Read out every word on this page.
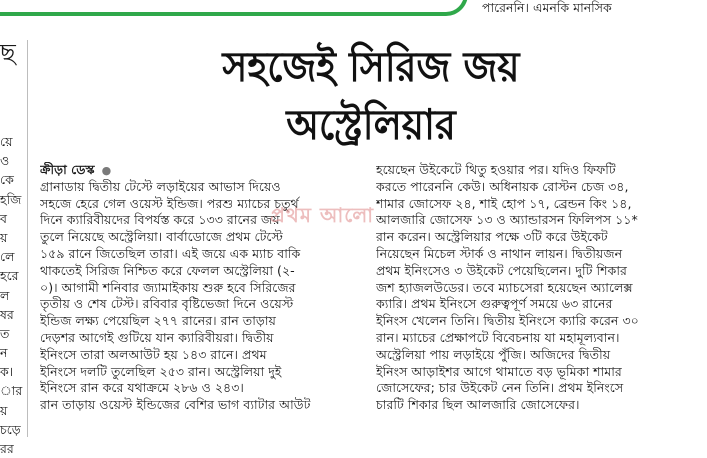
পারেননি। এমনকি মানসিক
ছ
য়ে
ও
কে
হজি
ব
য়
লে
হরে
ল
ষর
ত
ন
ক।
ার
য়
চড়ে
রর
সহজেই সিরিজ জয়
অস্ট্রেলিয়ার
ক্রীড়া ডেস্ক ●
গ্রানাডায় দ্বিতীয় টেস্টে লড়াইয়ের আভাস দিয়েও
সহজে হেরে গেল ওয়েস্ট ইন্ডিজ। পরশু ম্যাচের চতুর্থ
দিনে ক্যারিবীয়দের বিপর্যস্ত করে ১৩৩ রানের জয়
তুলে নিয়েছে অস্ট্রেলিয়া। বার্বাডোজে প্রথম টেস্টে
১৫৯ রানে জিতেছিল তারা। এই জয়ে এক ম্যাচ বাকি
থাকতেই সিরিজ নিশ্চিত করে ফেলল অস্ট্রেলিয়া (২-
০)। আগামী শনিবার জ্যামাইকায় শুরু হবে সিরিজের
তৃতীয় ও শেষ টেস্ট। রবিবার বৃষ্টিভেজা দিনে ওয়েস্ট
ইন্ডিজ লক্ষ্য পেয়েছিল ২৭৭ রানের। রান তাড়ায়
দেড়শর আগেই গুটিয়ে যান ক্যারিবীয়রা। দ্বিতীয়
ইনিংসে তারা অলআউট হয় ১৪৩ রানে। প্রথম
ইনিংসে দলটি তুলেছিল ২৫৩ রান। অস্ট্রেলিয়া দুই
ইনিংসে রান করে যথাক্রমে ২৮৬ ও ২৪৩।
রান তাড়ায় ওয়েস্ট ইন্ডিজের বেশির ভাগ ব্যাটার আউট
হয়েছেন উইকেটে থিতু হওয়ার পর। যদিও ফিফটি
করতে পারেননি কেউ। অধিনায়ক রোস্টন চেজ ৩৪,
শামার জোসেফ ২৪, শাই হোপ ১৭, ব্রেন্ডন কিং ১৪,
আলজারি জোসেফ ১৩ ও অ্যান্ডারসন ফিলিপস ১১*
রান করেন। অস্ট্রেলিয়ার পক্ষে ৩টি করে উইকেট
নিয়েছেন মিচেল স্টার্ক ও নাথান লায়ন। দ্বিতীয়জন
প্রথম ইনিংসেও ৩ উইকেট পেয়েছিলেন। দুটি শিকার
জশ হ্যাজলউডের। তবে ম্যাচসেরা হয়েছেন অ্যালেক্স
ক্যারি। প্রথম ইনিংসে গুরুত্বপূর্ণ সময়ে ৬৩ রানের
ইনিংস খেলেন তিনি। দ্বিতীয় ইনিংসে ক্যারি করেন ৩০
রান। ম্যাচের প্রেক্ষাপটে বিবেচনায় যা মহামূল্যবান।
অস্ট্রেলিয়া পায় লড়াইয়ে পুঁজি। অজিদের দ্বিতীয়
ইনিংস আড়াইশর আগে থামাতে বড় ভূমিকা শামার
জোসেফের; চার উইকেট নেন তিনি। প্রথম ইনিংসে
চারটি শিকার ছিল আলজারি জোসেফের।
প্রথম আলো
